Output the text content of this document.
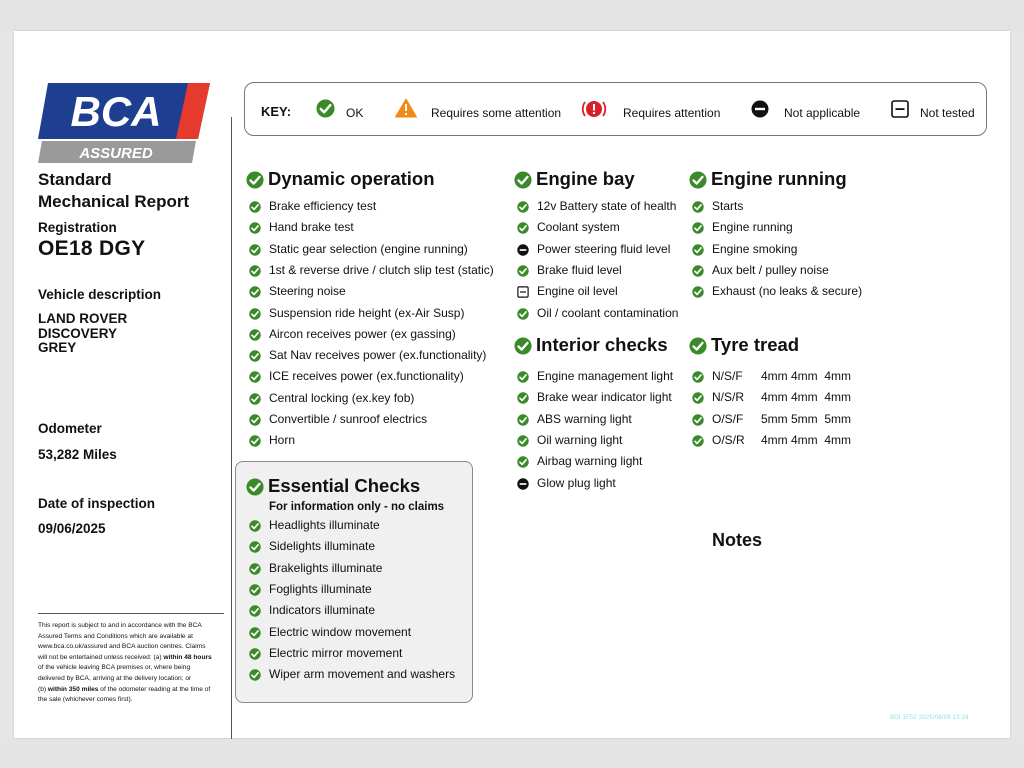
BCA
ASSURED
Standard
Mechanical Report
Registration
OE18 DGY
Vehicle description
LAND ROVER
DISCOVERY
GREY
Odometer
53,282 Miles
Date of inspection
09/06/2025
This report is subject to and in accordance with the BCA
Assured Terms and Conditions which are available at
www.bca.co.uk/assured and BCA auction centres. Claims
will not be entertained unless received: (a) within 48 hours
of the vehicle leaving BCA premises or, where being
delivered by BCA, arriving at the delivery location; or
(b) within 350 miles of the odometer reading at the time of
the sale (whichever comes first).
KEY:	OK	Requires some attention	Requires attention	Not applicable	Not tested
Dynamic operation	Engine bay	Engine running
Interior checks Tyre tread
Essential Checks
For information only - no claims
Brake efficiency test
Hand brake test
Static gear selection (engine running)
1st & reverse drive / clutch slip test (static)
Steering noise
Suspension ride height (ex-Air Susp)
Aircon receives power (ex gassing)
Sat Nav receives power (ex.functionality)
ICE receives power (ex.functionality)
Central locking (ex.key fob)
Convertible / sunroof electrics
Horn
Headlights illuminate
Sidelights illuminate
Brakelights illuminate
Foglights illuminate
Indicators illuminate
Electric window movement
Electric mirror movement
Wiper arm movement and washers
12v Battery state of health
Coolant system
Power steering fluid level
Brake fluid level
Engine oil level
Oil / coolant contamination
Engine management light
Brake wear indicator light
ABS warning light
Oil warning light
Airbag warning light
Glow plug light
Starts
Engine running
Engine smoking
Aux belt / pulley noise
Exhaust (no leaks & secure)
N/S/F 4mm 4mm  4mm
N/S/R 4mm 4mm  4mm
O/S/F 5mm 5mm  5mm
O/S/R 4mm 4mm  4mm
Notes
BDI 1F52 2025/06/09 13:24
